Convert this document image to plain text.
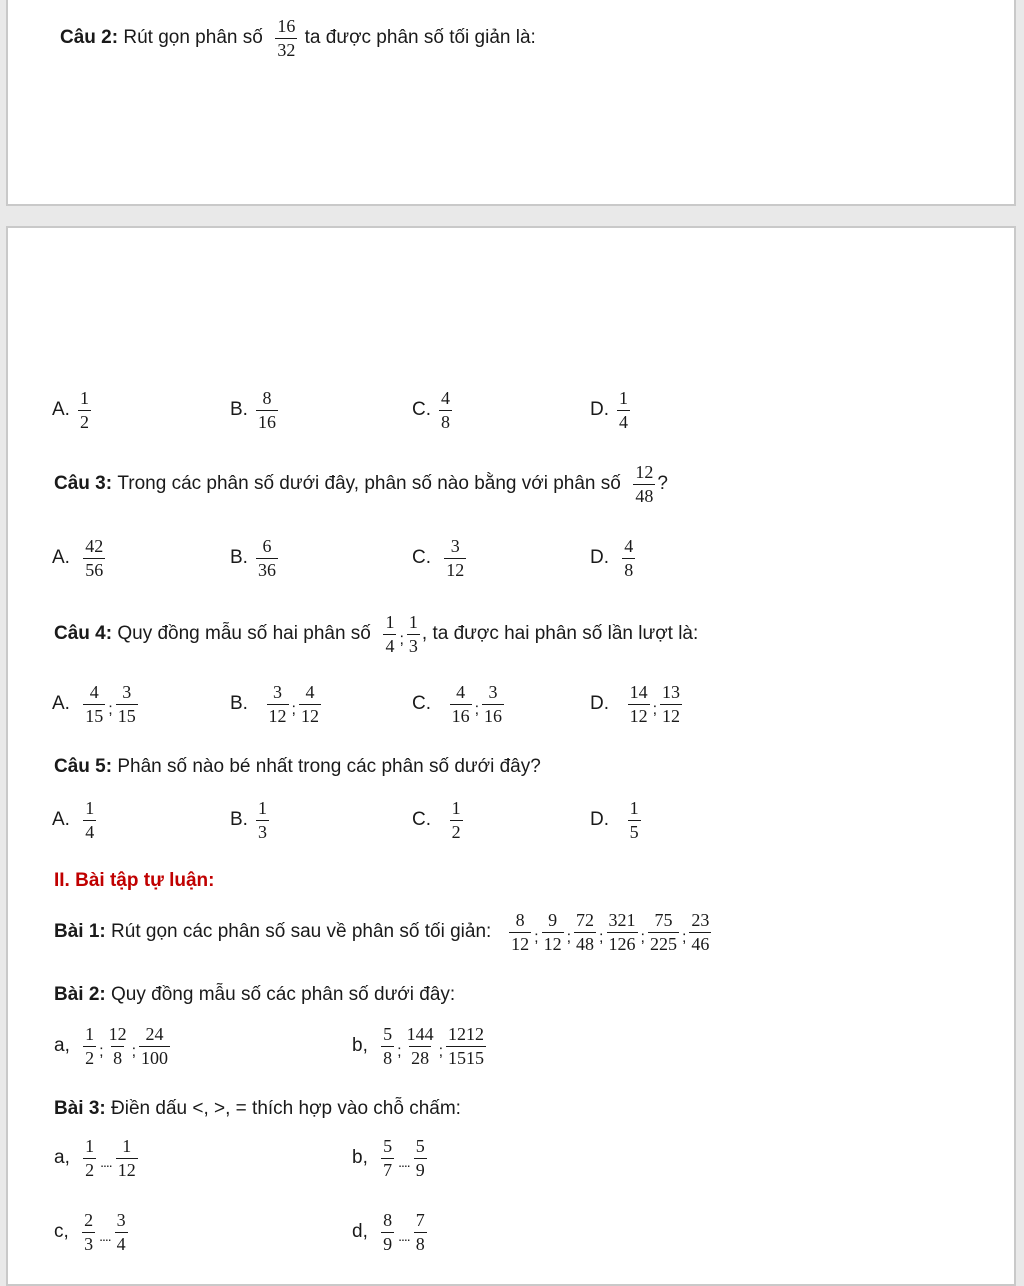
Câu 2:
Rút gọn phân số
$\frac{16}{32}$
ta được phân số tối giản là:
A. $\frac{1}{2}$	B. $\frac{8}{16}$	C. $\frac{4}{8}$	D. $\frac{1}{4}$
Câu 3:
Trong các phân số dưới đây, phân số nào bằng với phân số
$\frac{12}{48}$ ?
A.
$\frac{42}{56}$	B. $\frac{6}{36}$	C.
$\frac{3}{12}$	D.
$\frac{4}{8}$
Câu 4:
Quy đồng mẫu số hai phân số
$\frac{1}{4}$ ; $\frac{1}{3}$ , ta được hai phân số lần lượt là:
A.
$\frac{4}{15}$ ; $\frac{3}{15}$	B.
$\frac{3}{12}$ ; $\frac{4}{12}$	C.
$\frac{4}{16}$ ; $\frac{3}{16}$	D.
$\frac{14}{12}$ ; $\frac{13}{12}$
Câu 5:
Phân số nào bé nhất trong các phân số dưới đây?
A.
$\frac{1}{4}$	B. $\frac{1}{3}$	C.
$\frac{1}{2}$	D.
$\frac{1}{5}$
II. Bài tập tự luận:
Bài 1:
Rút gọn các phân số sau về phân số tối giản:
$\frac{8}{12}$ ; $\frac{9}{12}$ ; $\frac{72}{48}$ ; $\frac{321}{126}$ ; $\frac{75}{225}$ ; $\frac{23}{46}$
Bài 2:
Quy đồng mẫu số các phân số dưới đây:
a,
$\frac{1}{2}$ ; $\frac{12}{8}$ ; $\frac{24}{100}$	b,
$\frac{5}{8}$ ; $\frac{144}{28}$ ; $\frac{1212}{1515}$
Bài 3:
Điền dấu <, >, = thích hợp vào chỗ chấm:
a,
$\frac{1}{2}$ .... $\frac{1}{12}$	b,
$\frac{5}{7}$ .... $\frac{5}{9}$
c,
$\frac{2}{3}$ .... $\frac{3}{4}$	d,
$\frac{8}{9}$ .... $\frac{7}{8}$
